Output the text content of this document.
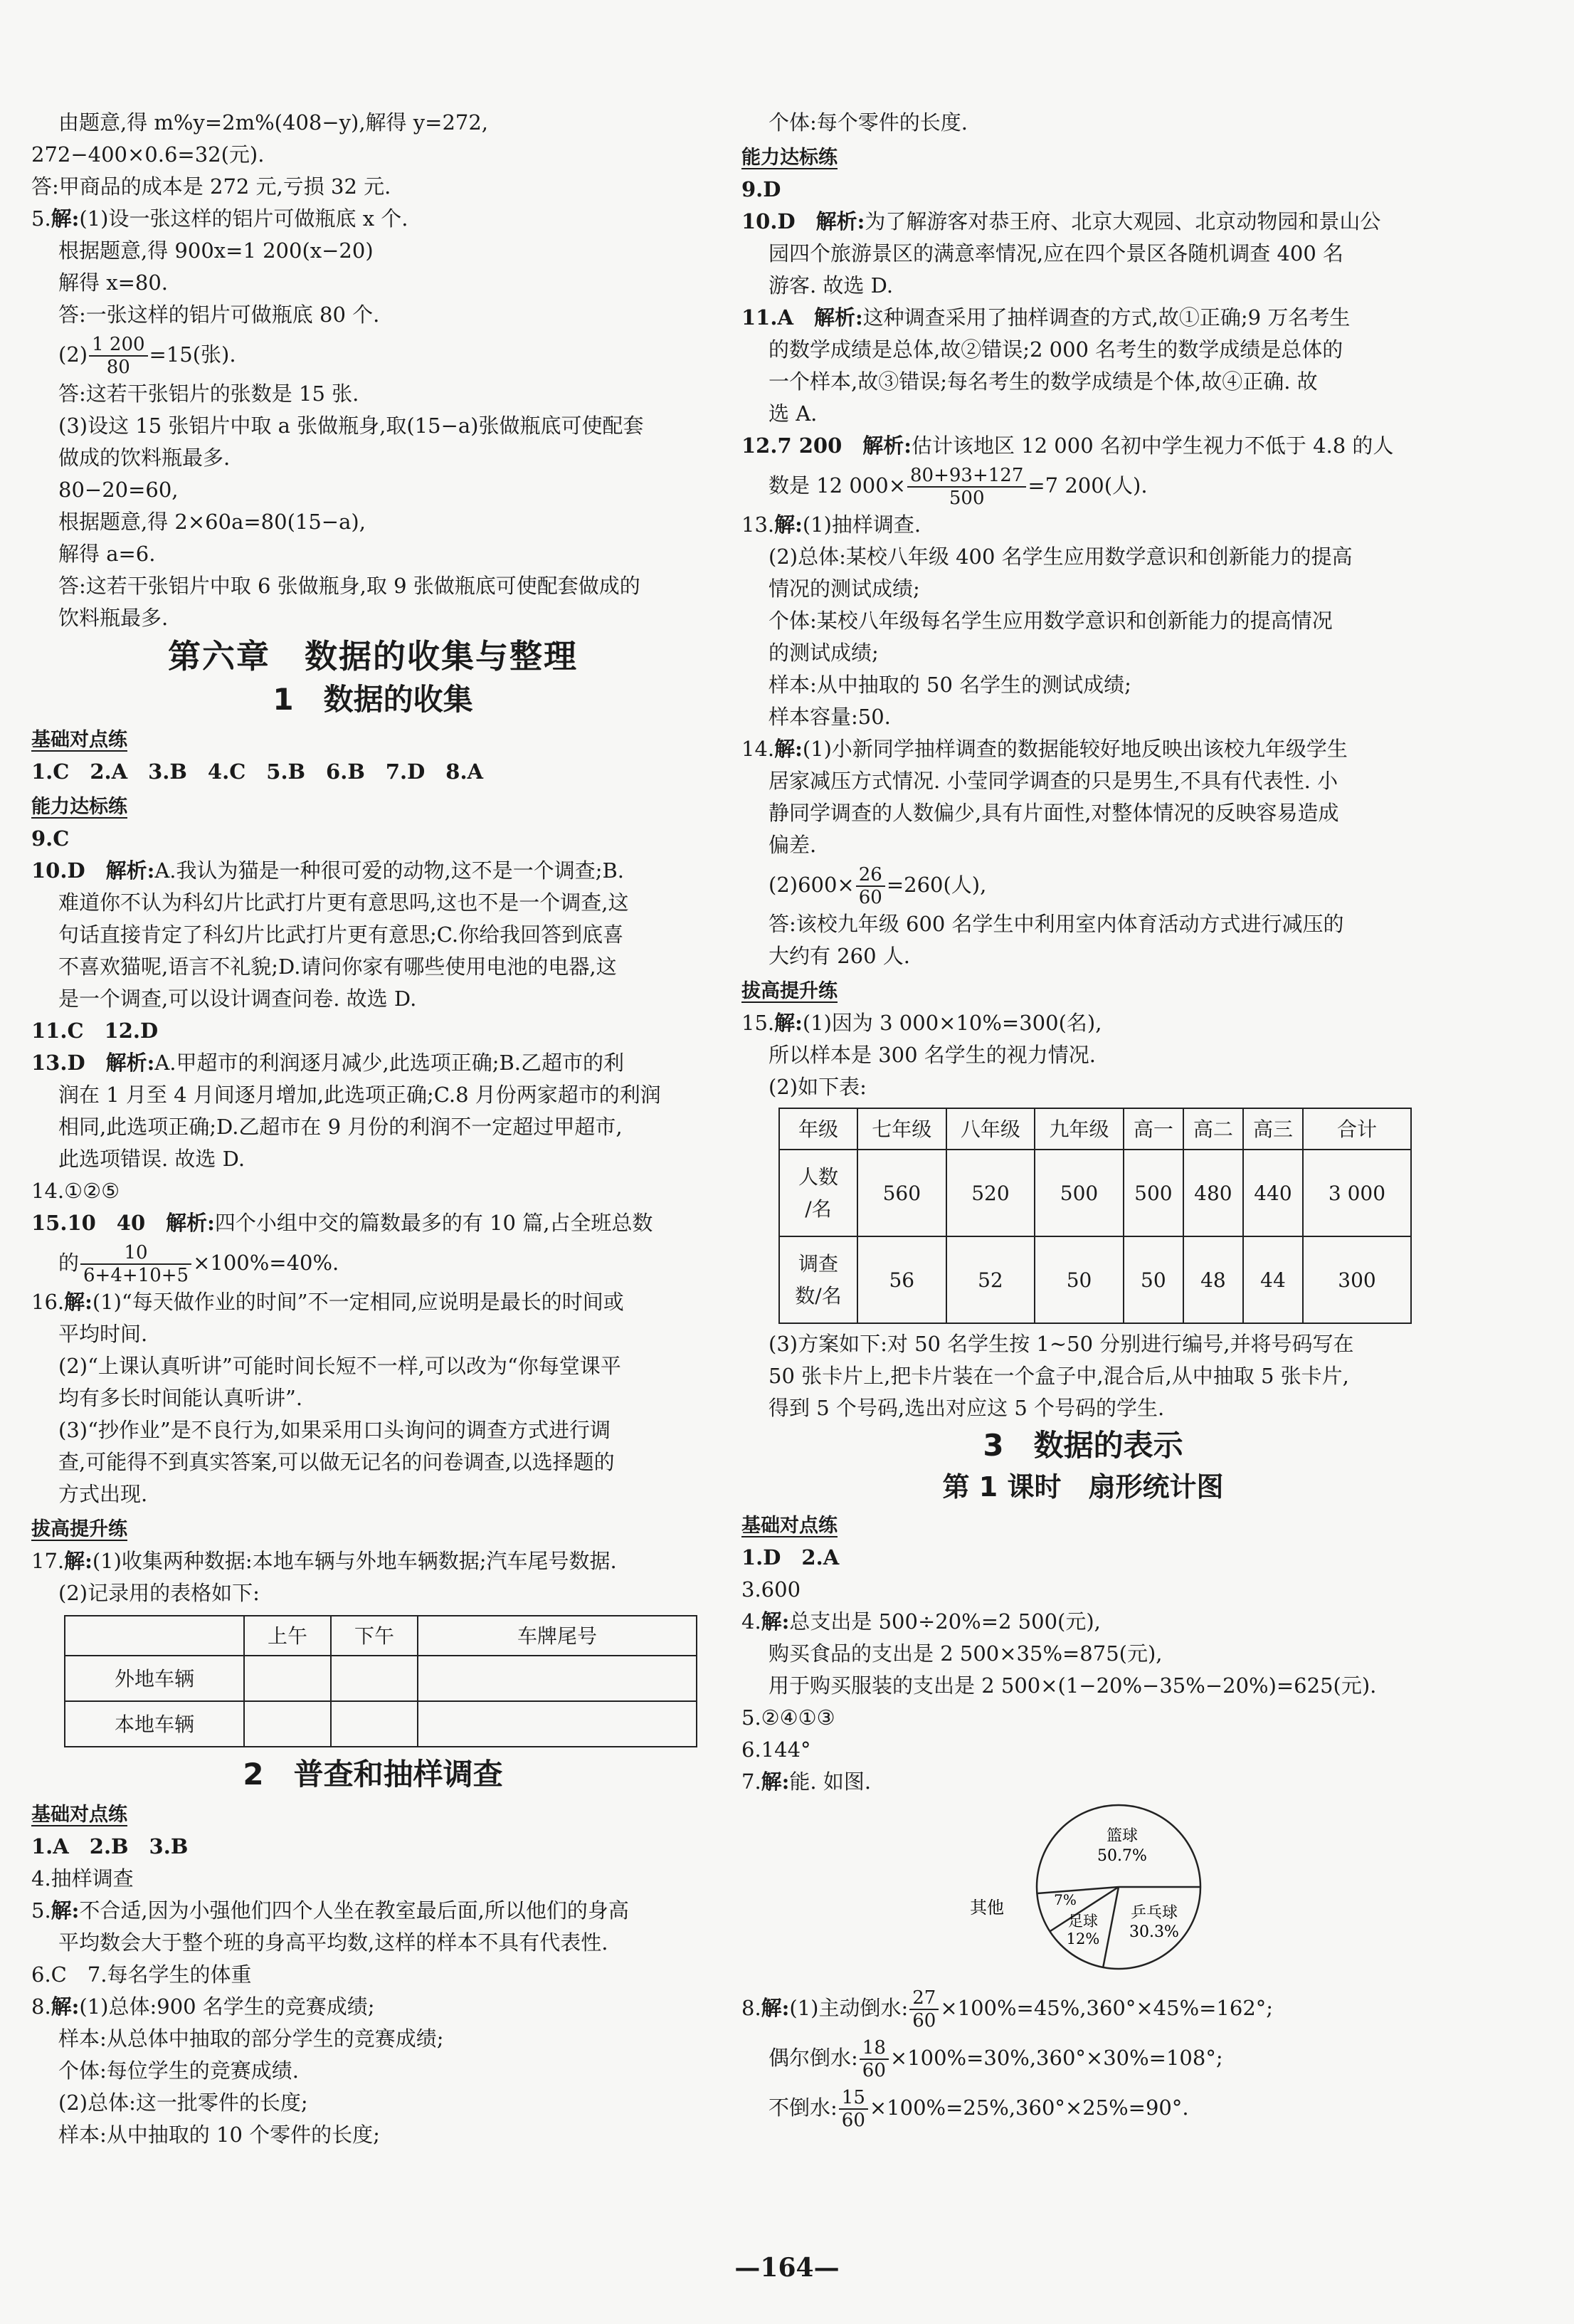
由题意,得 m%y=2m%(408−y),解得 y=272,
272−400×0.6=32(元).
答:甲商品的成本是 272 元,亏损 32 元.
5.解:(1)设一张这样的铝片可做瓶底 x 个.
根据题意,得 900x=1 200(x−20)
解得 x=80.
答:一张这样的铝片可做瓶底 80 个.
$(2) \frac{1 200}{80} =15$(张).
答:这若干张铝片的张数是 15 张.
(3)设这 15 张铝片中取 a 张做瓶身,取(15−a)张做瓶底可使配套
做成的饮料瓶最多.
80−20=60,
根据题意,得 2×60a=80(15−a),
解得 a=6.
答:这若干张铝片中取 6 张做瓶身,取 9 张做瓶底可使配套做成的
饮料瓶最多.
第六章　数据的收集与整理
1　数据的收集
基础对点练
1.C　2.A　3.B　4.C　5.B　6.B　7.D　8.A
能力达标练
9.C
10.D　解析:A.我认为猫是一种很可爱的动物,这不是一个调查;B.
难道你不认为科幻片比武打片更有意思吗,这也不是一个调查,这
句话直接肯定了科幻片比武打片更有意思;C.你给我回答到底喜
不喜欢猫呢,语言不礼貌;D.请问你家有哪些使用电池的电器,这
是一个调查,可以设计调查问卷. 故选 D.
11.C　12.D
13.D　解析:A.甲超市的利润逐月减少,此选项正确;B.乙超市的利
润在 1 月至 4 月间逐月增加,此选项正确;C.8 月份两家超市的利润
相同,此选项正确;D.乙超市在 9 月份的利润不一定超过甲超市,
此选项错误. 故选 D.
14.①②⑤
15.10　40　解析:四个小组中交的篇数最多的有 10 篇,占全班总数
的 $\frac{10}{6+4+10+5} \times 100\%=40\%$.
16.解:(1)“每天做作业的时间”不一定相同,应说明是最长的时间或
平均时间.
(2)“上课认真听讲”可能时间长短不一样,可以改为“你每堂课平
均有多长时间能认真听讲”.
(3)“抄作业”是不良行为,如果采用口头询问的调查方式进行调
查,可能得不到真实答案,可以做无记名的问卷调查,以选择题的
方式出现.
拔高提升练
17.解:(1)收集两种数据:本地车辆与外地车辆数据;汽车尾号数据.
(2)记录用的表格如下:
	上午	下午	车牌尾号
外地车辆			
本地车辆			
2　普查和抽样调查
基础对点练
1.A　2.B　3.B
4.抽样调查
5.解:不合适,因为小强他们四个人坐在教室最后面,所以他们的身高
平均数会大于整个班的身高平均数,这样的样本不具有代表性.
6.C　7.每名学生的体重
8.解:(1)总体:900 名学生的竞赛成绩;
样本:从总体中抽取的部分学生的竞赛成绩;
个体:每位学生的竞赛成绩.
(2)总体:这一批零件的长度;
样本:从中抽取的 10 个零件的长度;
个体:每个零件的长度.
能力达标练
9.D
10.D　解析:为了解游客对恭王府、北京大观园、北京动物园和景山公
园四个旅游景区的满意率情况,应在四个景区各随机调查 400 名
游客. 故选 D.
11.A　解析:这种调查采用了抽样调查的方式,故①正确;9 万名考生
的数学成绩是总体,故②错误;2 000 名考生的数学成绩是总体的
一个样本,故③错误;每名考生的数学成绩是个体,故④正确. 故
选 A.
12.7 200　解析:估计该地区 12 000 名初中学生视力不低于 4.8 的人
数是 12 $000\times \frac{80+93+127}{500} =7$ 200(人).
13.解:(1)抽样调查.
(2)总体:某校八年级 400 名学生应用数学意识和创新能力的提高
情况的测试成绩;
个体:某校八年级每名学生应用数学意识和创新能力的提高情况
的测试成绩;
样本:从中抽取的 50 名学生的测试成绩;
样本容量:50.
14.解:(1)小新同学抽样调查的数据能较好地反映出该校九年级学生
居家减压方式情况. 小莹同学调查的只是男生,不具有代表性. 小
静同学调查的人数偏少,具有片面性,对整体情况的反映容易造成
偏差.
$(2)600\times \frac{26}{60} =260$(人),
答:该校九年级 600 名学生中利用室内体育活动方式进行减压的
大约有 260 人.
拔高提升练
15.解:(1)因为 3 000×10%=300(名),
所以样本是 300 名学生的视力情况.
(2)如下表:
年级	七年级	八年级	九年级	高一	高二	高三	合计

人数
/名	560	520	500	500	480	440	3 000

调查
数/名	56	52	50	50	48	44	300
(3)方案如下:对 50 名学生按 1~50 分别进行编号,并将号码写在
50 张卡片上,把卡片装在一个盒子中,混合后,从中抽取 5 张卡片,
得到 5 个号码,选出对应这 5 个号码的学生.
3　数据的表示
第 1 课时　扇形统计图
基础对点练
1.D　2.A
3.600
4.解:总支出是 500÷20%=2 500(元),
购买食品的支出是 2 500×35%=875(元),
用于购买服装的支出是 2 500×(1−20%−35%−20%)=625(元).
5.②④①③
6.144°
7.解:能. 如图.
篮球
50.7%
其他	7%
足球
12%
乒乓球
30.3%
8.解:(1)主动倒水: $\frac{27}{60} \times 100\%=45\%,360^\circ\times 45\%=162^\circ$;
偶尔倒水: $\frac{18}{60} \times 100\%=30\%,360^\circ\times 30\%=108^\circ$;
不倒水: $\frac{15}{60} \times 100\%=25\%,360^\circ\times 25\%=90^\circ$.
—164—
